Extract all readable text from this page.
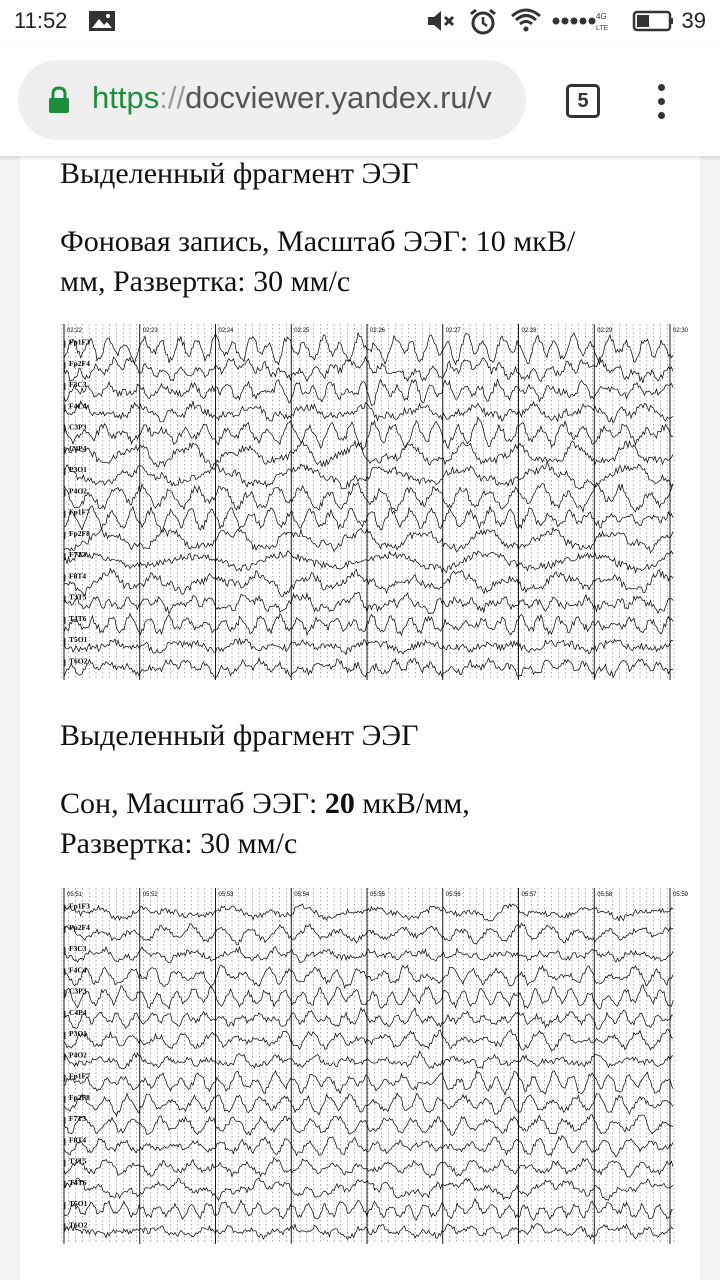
11:52	4G
LTE	39
https://docviewer.yandex.ru/v	5

Выделенный фрагмент ЭЭГ

Фоновая запись, Масштаб ЭЭГ: 10 мкВ/
мм, Развертка: 30 мм/с

02:22	02:23	02:24	02:25	02:26	02:27	02:28	02:29	02:30
Fp1F3
Fp2F4
F3C3
F4C4
C3P3
C4P4
P3O1
P4O2
Fp1F7
Fp2F8
F7T3
F8T4
T3T5
T4T6
T5O1
T6O2

Выделенный фрагмент ЭЭГ

Сон, Масштаб ЭЭГ: 20 мкВ/мм,
Развертка: 30 мм/с

05:51	05:52	05:53	05:54	05:55	05:56	05:57	05:58	05:59
Fp1F3
Fp2F4
F3C3
F4C4
C3P3
C4P4
P3O1
P4O2
Fp1F7
Fp2F8
F7T3
F8T4
T3T5
T4T6
T5O1
T6O2
